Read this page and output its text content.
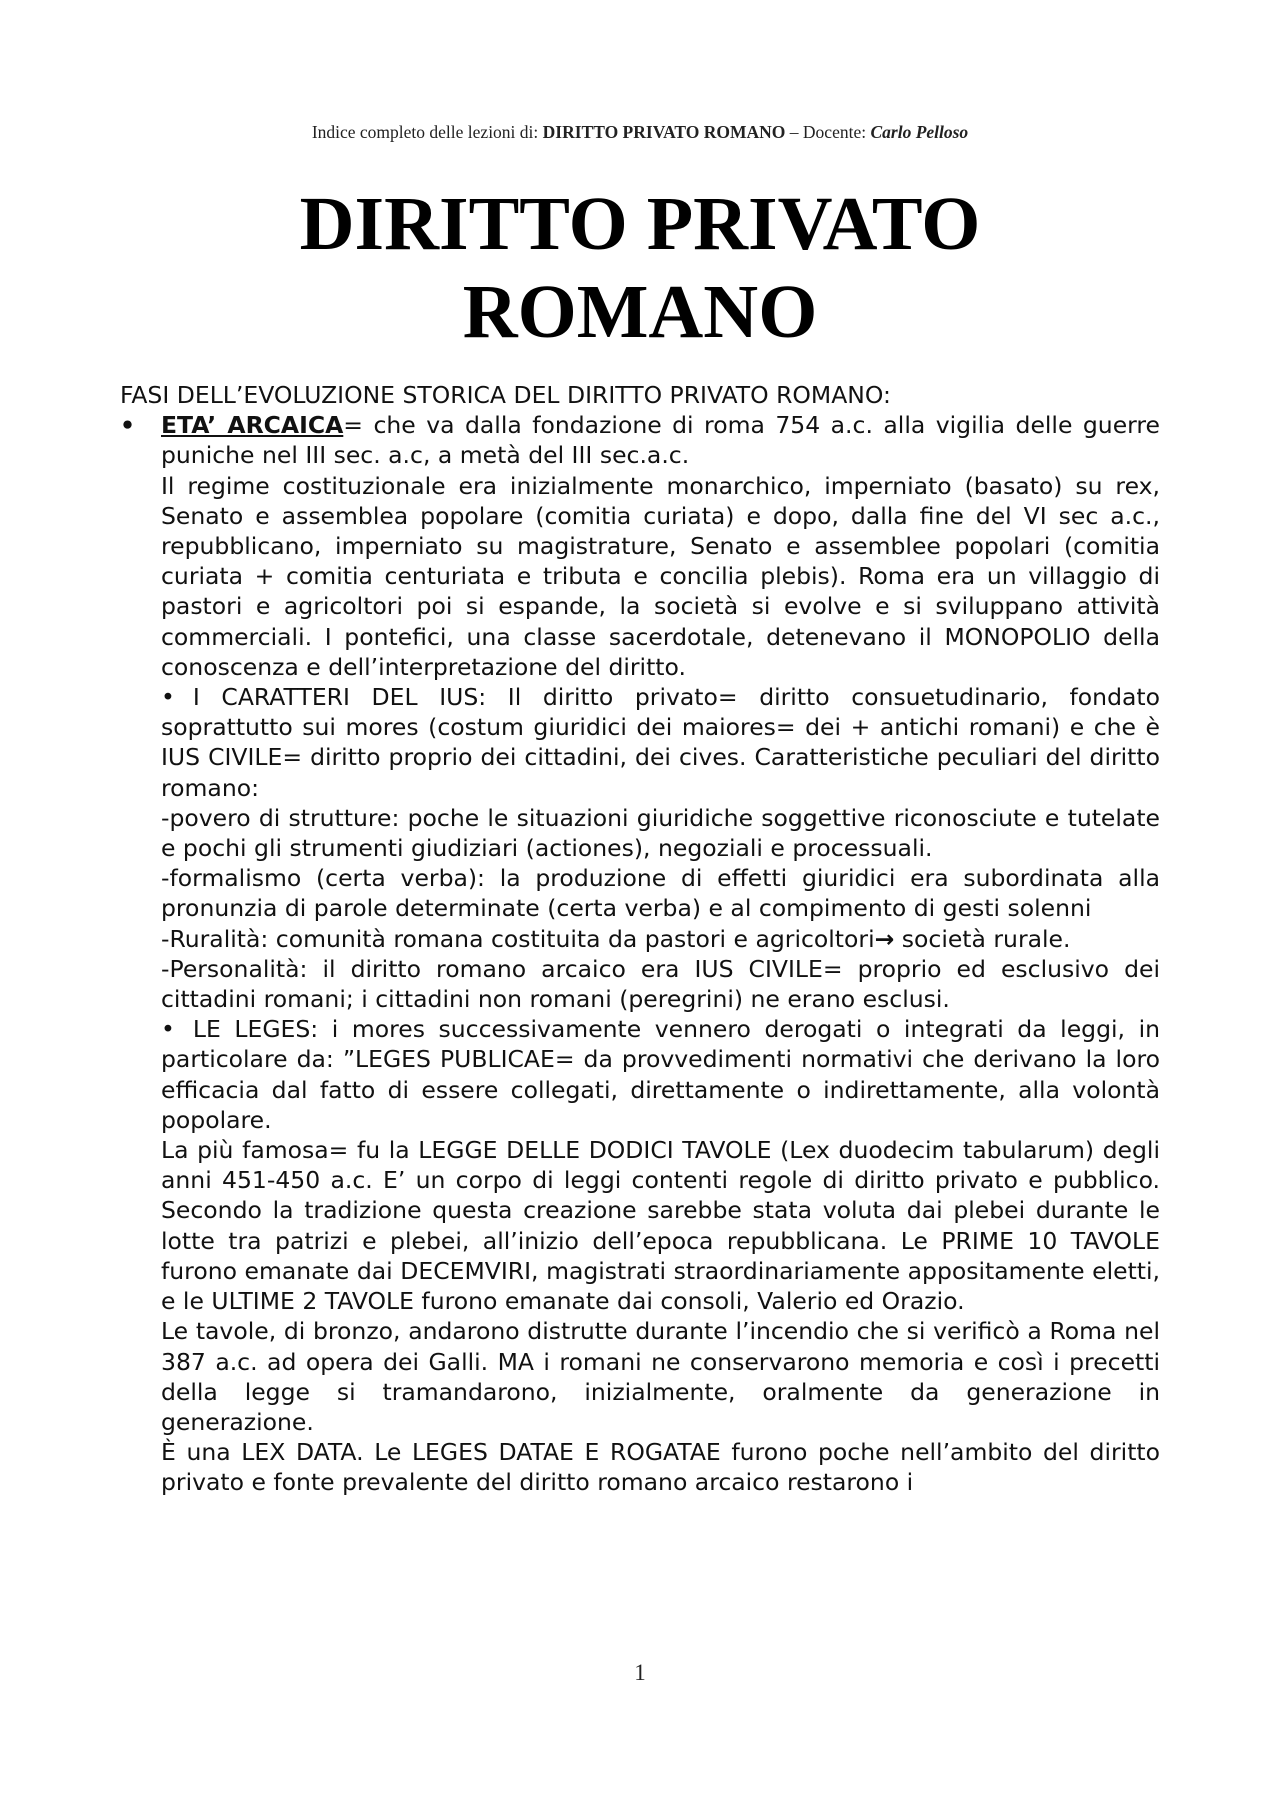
Indice completo delle lezioni di: DIRITTO PRIVATO ROMANO – Docente: Carlo Pelloso
DIRITTO PRIVATO
ROMANO

FASI DELL’EVOLUZIONE STORICA DEL DIRITTO PRIVATO ROMANO:

• ETA’ ARCAICA= che va dalla fondazione di roma 754 a.c. alla vigilia delle guerre puniche nel III sec. a.c, a metà del III sec.a.c.

Il regime costituzionale era inizialmente monarchico, imperniato (basato) su rex, Senato e assemblea popolare (comitia curiata) e dopo, dalla fine del VI sec a.c., repubblicano, imperniato su magistrature, Senato e assemblee popolari (comitia curiata + comitia centuriata e tributa e concilia plebis). Roma era un villaggio di pastori e agricoltori poi si espande, la società si evolve e si sviluppano attività commerciali. I pontefici, una classe sacerdotale, detenevano il MONOPOLIO della conoscenza e dell’interpretazione del diritto.

• I CARATTERI DEL IUS: Il diritto privato= diritto consuetudinario, fondato soprattutto sui mores (costum giuridici dei maiores= dei + antichi romani) e che è IUS CIVILE= diritto proprio dei cittadini, dei cives. Caratteristiche peculiari del diritto romano:

-povero di strutture: poche le situazioni giuridiche soggettive riconosciute e tutelate e pochi gli strumenti giudiziari (actiones), negoziali e processuali.

-formalismo (certa verba): la produzione di effetti giuridici era subordinata alla pronunzia di parole determinate (certa verba) e al compimento di gesti solenni

-Ruralità: comunità romana costituita da pastori e agricoltori→ società rurale.

-Personalità: il diritto romano arcaico era IUS CIVILE= proprio ed esclusivo dei cittadini romani; i cittadini non romani (peregrini) ne erano esclusi.

• LE LEGES: i mores successivamente vennero derogati o integrati da leggi, in particolare da: ”LEGES PUBLICAE= da provvedimenti normativi che derivano la loro efficacia dal fatto di essere collegati, direttamente o indirettamente, alla volontà popolare.

La più famosa= fu la LEGGE DELLE DODICI TAVOLE (Lex duodecim tabularum) degli anni 451-450 a.c. E’ un corpo di leggi contenti regole di diritto privato e pubblico. Secondo la tradizione questa creazione sarebbe stata voluta dai plebei durante le lotte tra patrizi e plebei, all’inizio dell’epoca repubblicana. Le PRIME 10 TAVOLE furono emanate dai DECEMVIRI, magistrati straordinariamente appositamente eletti, e le ULTIME 2 TAVOLE furono emanate dai consoli, Valerio ed Orazio.

Le tavole, di bronzo, andarono distrutte durante l’incendio che si verificò a Roma nel 387 a.c. ad opera dei Galli. MA i romani ne conservarono memoria e così i precetti della legge si tramandarono, inizialmente, oralmente da generazione in generazione.

È una LEX DATA. Le LEGES DATAE E ROGATAE furono poche nell’ambito del diritto privato e fonte prevalente del diritto romano arcaico restarono i

1
